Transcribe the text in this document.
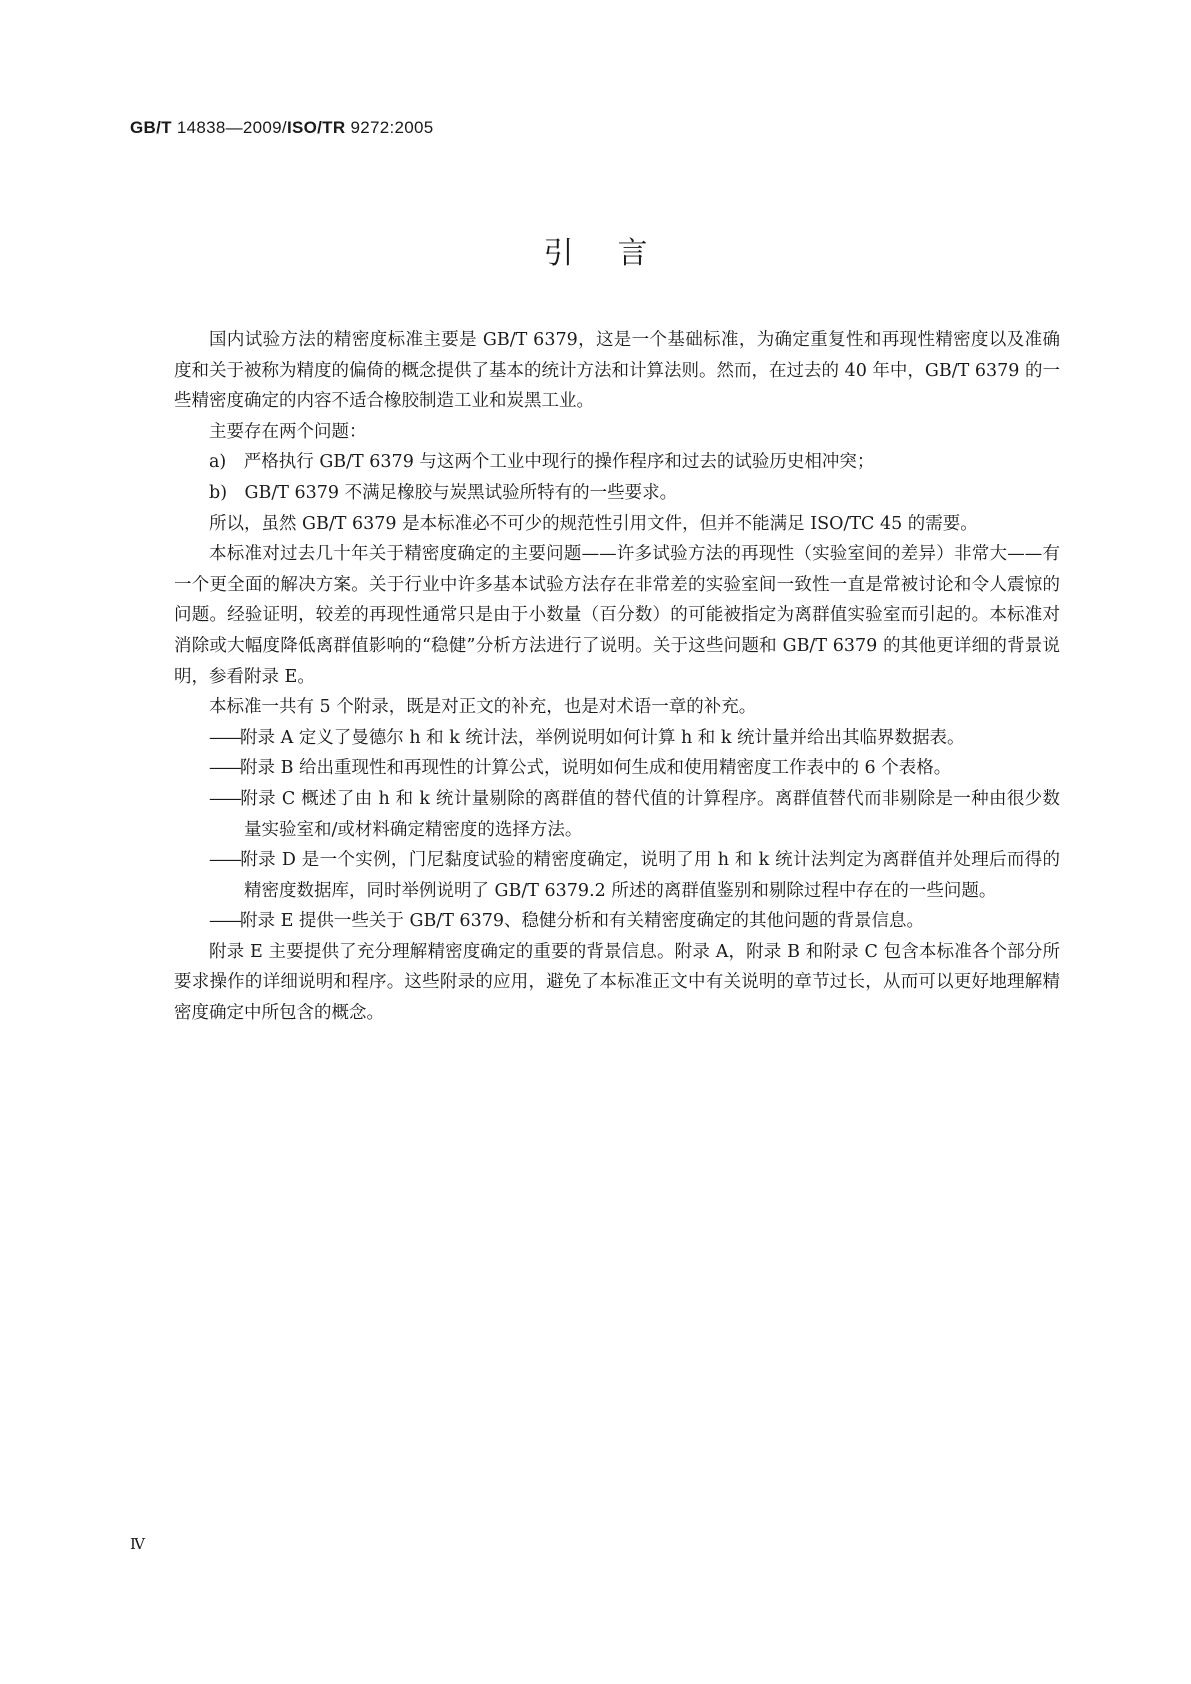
GB/T 14838—2009/ISO/TR 9272:2005
引言

国内试验方法的精密度标准主要是 GB/T 6379，这是一个基础标准，为确定重复性和再现性精密度以及准确度和关于被称为精度的偏倚的概念提供了基本的统计方法和计算法则。然而，在过去的 40 年中，GB/T 6379 的一些精密度确定的内容不适合橡胶制造工业和炭黑工业。

主要存在两个问题：

a)　严格执行 GB/T 6379 与这两个工业中现行的操作程序和过去的试验历史相冲突；

b)　GB/T 6379 不满足橡胶与炭黑试验所特有的一些要求。

所以，虽然 GB/T 6379 是本标准必不可少的规范性引用文件，但并不能满足 ISO/TC 45 的需要。

本标准对过去几十年关于精密度确定的主要问题——许多试验方法的再现性（实验室间的差异）非常大——有一个更全面的解决方案。关于行业中许多基本试验方法存在非常差的实验室间一致性一直是常被讨论和令人震惊的问题。经验证明，较差的再现性通常只是由于小数量（百分数）的可能被指定为离群值实验室而引起的。本标准对消除或大幅度降低离群值影响的“稳健”分析方法进行了说明。关于这些问题和 GB/T 6379 的其他更详细的背景说明，参看附录 E。

本标准一共有 5 个附录，既是对正文的补充，也是对术语一章的补充。

——附录 A 定义了曼德尔 h 和 k 统计法，举例说明如何计算 h 和 k 统计量并给出其临界数据表。

——附录 B 给出重现性和再现性的计算公式，说明如何生成和使用精密度工作表中的 6 个表格。

——附录 C 概述了由 h 和 k 统计量剔除的离群值的替代值的计算程序。离群值替代而非剔除是一种由很少数量实验室和/或材料确定精密度的选择方法。

——附录 D 是一个实例，门尼黏度试验的精密度确定，说明了用 h 和 k 统计法判定为离群值并处理后而得的精密度数据库，同时举例说明了 GB/T 6379.2 所述的离群值鉴别和剔除过程中存在的一些问题。

——附录 E 提供一些关于 GB/T 6379、稳健分析和有关精密度确定的其他问题的背景信息。

附录 E 主要提供了充分理解精密度确定的重要的背景信息。附录 A，附录 B 和附录 C 包含本标准各个部分所要求操作的详细说明和程序。这些附录的应用，避免了本标准正文中有关说明的章节过长，从而可以更好地理解精密度确定中所包含的概念。

Ⅳ
